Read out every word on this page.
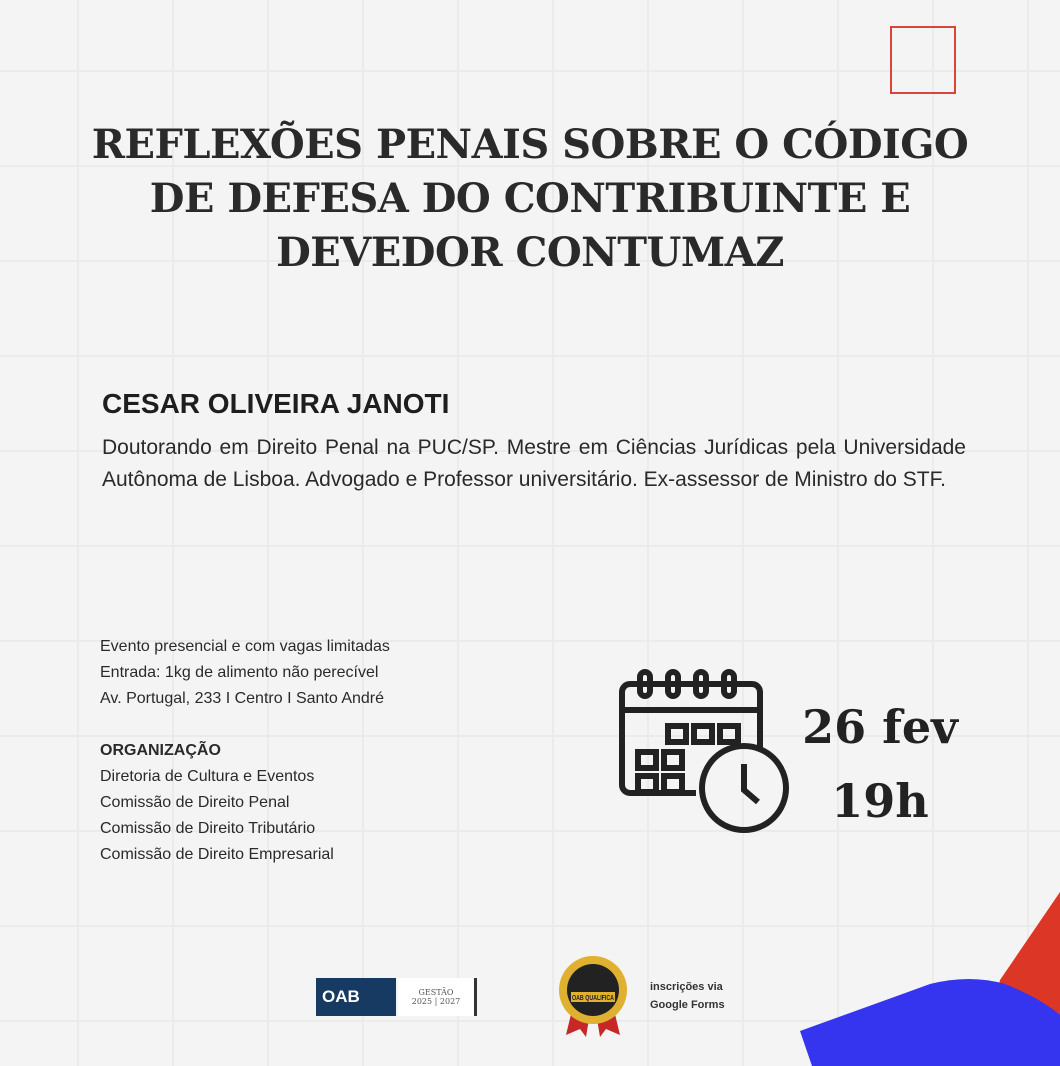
REFLEXÕES PENAIS SOBRE O CÓDIGO
DE DEFESA DO CONTRIBUINTE E
DEVEDOR CONTUMAZ
CESAR OLIVEIRA JANOTI
Doutorando em Direito Penal na PUC/SP. Mestre em Ciências Jurídicas pela Universidade Autônoma de Lisboa. Advogado e Professor universitário. Ex-assessor de Ministro do STF.
Evento presencial e com vagas limitadas
Entrada: 1kg de alimento não perecível
Av. Portugal, 233 I Centro I Santo André
ORGANIZAÇÃO
Diretoria de Cultura e Eventos
Comissão de Direito Penal
Comissão de Direito Tributário
Comissão de Direito Empresarial
26 fev
19h
OAB	GESTÃO
2025 | 2027	OAB QUALIFICA
inscrições via
Google Forms
